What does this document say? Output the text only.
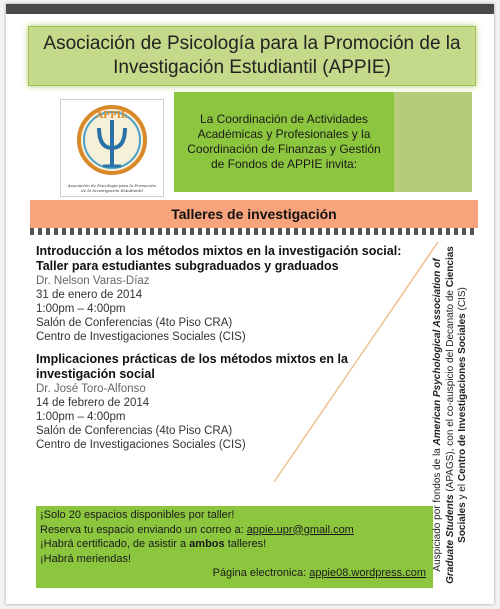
Asociación de Psicología para la Promoción de la Investigación Estudiantil (APPIE)
APPIE
Asociación de Psicología para la Promoción de la Investigación Estudiantil
La Coordinación de Actividades Académicas y Profesionales y la Coordinación de Finanzas y Gestión de Fondos de APPIE invita:
Talleres de investigación
Introducción a los métodos mixtos en la investigación social: Taller para estudiantes subgraduados y graduados
Dr. Nelson Varas-Díaz
31 de enero de 2014
1:00pm – 4:00pm
Salón de Conferencias (4to Piso CRA)
Centro de Investigaciones Sociales (CIS)
Implicaciones prácticas de los métodos mixtos en la investigación social
Dr. José Toro-Alfonso
14 de febrero de 2014
1:00pm – 4:00pm
Salón de Conferencias (4to Piso CRA)
Centro de Investigaciones Sociales (CIS)
¡Solo 20 espacios disponibles por taller!
Reserva tu espacio enviando un correo a: appie.upr@gmail.com
¡Habrá certificado, de asistir a ambos talleres!
¡Habrá meriendas!
Página electronica: appie08.wordpress.com
Auspiciado por fondos de la American Psychological Association of Graduate Students (APAGS), con el co-auspicio del Decanato de Ciencias Sociales y el Centro de Investigaciones Sociales (CIS)
